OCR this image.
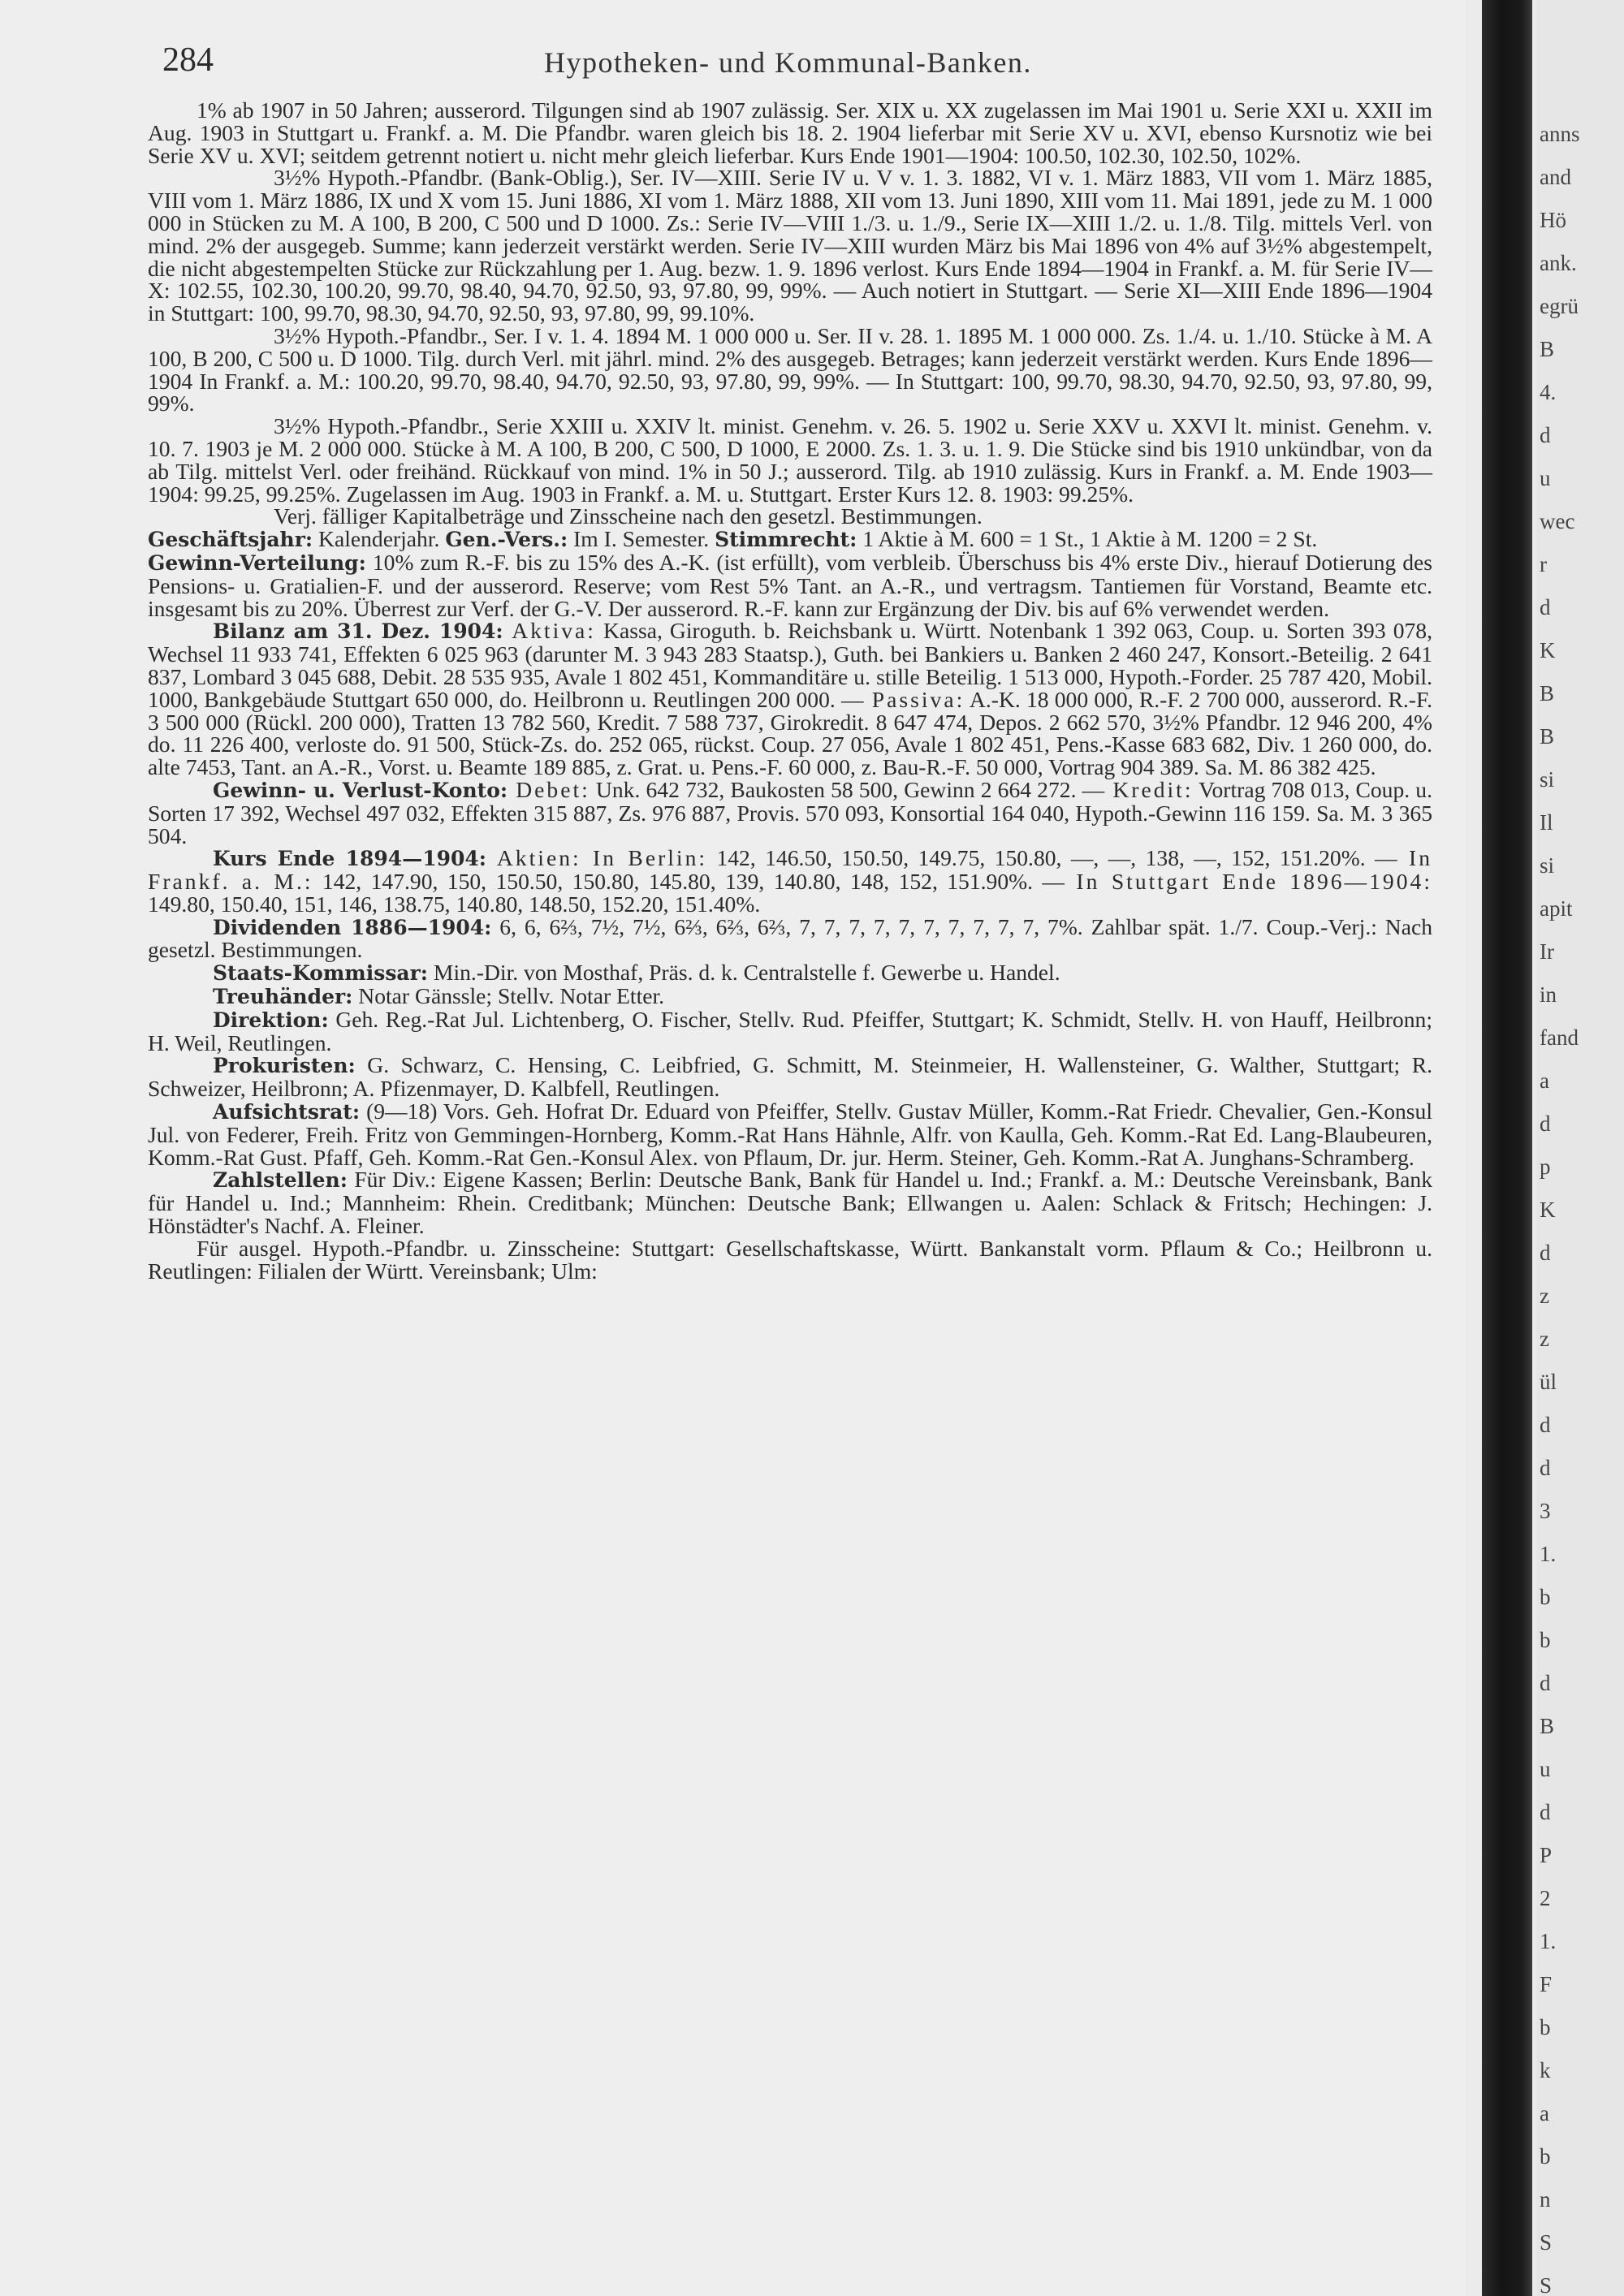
284	Hypotheken- und Kommunal-Banken.

1% ab 1907 in 50 Jahren; ausserord. Tilgungen sind ab 1907 zulässig. Ser. XIX u. XX zugelassen im Mai 1901 u. Serie XXI u. XXII im Aug. 1903 in Stuttgart u. Frankf. a. M. Die Pfandbr. waren gleich bis 18. 2. 1904 lieferbar mit Serie XV u. XVI, ebenso Kursnotiz wie bei Serie XV u. XVI; seitdem getrennt notiert u. nicht mehr gleich lieferbar. Kurs Ende 1901—1904: 100.50, 102.30, 102.50, 102%.

3½% Hypoth.-Pfandbr. (Bank-Oblig.), Ser. IV—XIII. Serie IV u. V v. 1. 3. 1882, VI v. 1. März 1883, VII vom 1. März 1885, VIII vom 1. März 1886, IX und X vom 15. Juni 1886, XI vom 1. März 1888, XII vom 13. Juni 1890, XIII vom 11. Mai 1891, jede zu M. 1 000 000 in Stücken zu M. A 100, B 200, C 500 und D 1000. Zs.: Serie IV—VIII 1./3. u. 1./9., Serie IX—XIII 1./2. u. 1./8. Tilg. mittels Verl. von mind. 2% der ausgegeb. Summe; kann jederzeit verstärkt werden. Serie IV—XIII wurden März bis Mai 1896 von 4% auf 3½% abgestempelt, die nicht abgestempelten Stücke zur Rückzahlung per 1. Aug. bezw. 1. 9. 1896 verlost. Kurs Ende 1894—1904 in Frankf. a. M. für Serie IV—X: 102.55, 102.30, 100.20, 99.70, 98.40, 94.70, 92.50, 93, 97.80, 99, 99%. — Auch notiert in Stuttgart. — Serie XI—XIII Ende 1896—1904 in Stuttgart: 100, 99.70, 98.30, 94.70, 92.50, 93, 97.80, 99, 99.10%.

3½% Hypoth.-Pfandbr., Ser. I v. 1. 4. 1894 M. 1 000 000 u. Ser. II v. 28. 1. 1895 M. 1 000 000. Zs. 1./4. u. 1./10. Stücke à M. A 100, B 200, C 500 u. D 1000. Tilg. durch Verl. mit jährl. mind. 2% des ausgegeb. Betrages; kann jederzeit verstärkt werden. Kurs Ende 1896—1904 In Frankf. a. M.: 100.20, 99.70, 98.40, 94.70, 92.50, 93, 97.80, 99, 99%. — In Stuttgart: 100, 99.70, 98.30, 94.70, 92.50, 93, 97.80, 99, 99%.

3½% Hypoth.-Pfandbr., Serie XXIII u. XXIV lt. minist. Genehm. v. 26. 5. 1902 u. Serie XXV u. XXVI lt. minist. Genehm. v. 10. 7. 1903 je M. 2 000 000. Stücke à M. A 100, B 200, C 500, D 1000, E 2000. Zs. 1. 3. u. 1. 9. Die Stücke sind bis 1910 unkündbar, von da ab Tilg. mittelst Verl. oder freihänd. Rückkauf von mind. 1% in 50 J.; ausserord. Tilg. ab 1910 zulässig. Kurs in Frankf. a. M. Ende 1903—1904: 99.25, 99.25%. Zugelassen im Aug. 1903 in Frankf. a. M. u. Stuttgart. Erster Kurs 12. 8. 1903: 99.25%.

Verj. fälliger Kapitalbeträge und Zinsscheine nach den gesetzl. Bestimmungen.

Geschäftsjahr: Kalenderjahr. Gen.-Vers.: Im I. Semester. Stimmrecht: 1 Aktie à M. 600 = 1 St., 1 Aktie à M. 1200 = 2 St.

Gewinn-Verteilung: 10% zum R.-F. bis zu 15% des A.-K. (ist erfüllt), vom verbleib. Überschuss bis 4% erste Div., hierauf Dotierung des Pensions- u. Gratialien-F. und der ausserord. Reserve; vom Rest 5% Tant. an A.-R., und vertragsm. Tantiemen für Vorstand, Beamte etc. insgesamt bis zu 20%. Überrest zur Verf. der G.-V. Der ausserord. R.-F. kann zur Ergänzung der Div. bis auf 6% verwendet werden.

Bilanz am 31. Dez. 1904: Aktiva: Kassa, Giroguth. b. Reichsbank u. Württ. Notenbank 1 392 063, Coup. u. Sorten 393 078, Wechsel 11 933 741, Effekten 6 025 963 (darunter M. 3 943 283 Staatsp.), Guth. bei Bankiers u. Banken 2 460 247, Konsort.-Beteilig. 2 641 837, Lombard 3 045 688, Debit. 28 535 935, Avale 1 802 451, Kommanditäre u. stille Beteilig. 1 513 000, Hypoth.-Forder. 25 787 420, Mobil. 1000, Bankgebäude Stuttgart 650 000, do. Heilbronn u. Reutlingen 200 000. — Passiva: A.-K. 18 000 000, R.-F. 2 700 000, ausserord. R.-F. 3 500 000 (Rückl. 200 000), Tratten 13 782 560, Kredit. 7 588 737, Girokredit. 8 647 474, Depos. 2 662 570, 3½% Pfandbr. 12 946 200, 4% do. 11 226 400, verloste do. 91 500, Stück-Zs. do. 252 065, rückst. Coup. 27 056, Avale 1 802 451, Pens.-Kasse 683 682, Div. 1 260 000, do. alte 7453, Tant. an A.-R., Vorst. u. Beamte 189 885, z. Grat. u. Pens.-F. 60 000, z. Bau-R.-F. 50 000, Vortrag 904 389. Sa. M. 86 382 425.

Gewinn- u. Verlust-Konto: Debet: Unk. 642 732, Baukosten 58 500, Gewinn 2 664 272. — Kredit: Vortrag 708 013, Coup. u. Sorten 17 392, Wechsel 497 032, Effekten 315 887, Zs. 976 887, Provis. 570 093, Konsortial 164 040, Hypoth.-Gewinn 116 159. Sa. M. 3 365 504.

Kurs Ende 1894—1904: Aktien: In Berlin: 142, 146.50, 150.50, 149.75, 150.80, —, —, 138, —, 152, 151.20%. — In Frankf. a. M.: 142, 147.90, 150, 150.50, 150.80, 145.80, 139, 140.80, 148, 152, 151.90%. — In Stuttgart Ende 1896—1904: 149.80, 150.40, 151, 146, 138.75, 140.80, 148.50, 152.20, 151.40%.

Dividenden 1886—1904: 6, 6, 6⅔, 7½, 7½, 6⅔, 6⅔, 6⅔, 7, 7, 7, 7, 7, 7, 7, 7, 7, 7, 7%. Zahlbar spät. 1./7. Coup.-Verj.: Nach gesetzl. Bestimmungen.

Staats-Kommissar: Min.-Dir. von Mosthaf, Präs. d. k. Centralstelle f. Gewerbe u. Handel.

Treuhänder: Notar Gänssle; Stellv. Notar Etter.

Direktion: Geh. Reg.-Rat Jul. Lichtenberg, O. Fischer, Stellv. Rud. Pfeiffer, Stuttgart; K. Schmidt, Stellv. H. von Hauff, Heilbronn; H. Weil, Reutlingen.

Prokuristen: G. Schwarz, C. Hensing, C. Leibfried, G. Schmitt, M. Steinmeier, H. Wallensteiner, G. Walther, Stuttgart; R. Schweizer, Heilbronn; A. Pfizenmayer, D. Kalbfell, Reutlingen.

Aufsichtsrat: (9—18) Vors. Geh. Hofrat Dr. Eduard von Pfeiffer, Stellv. Gustav Müller, Komm.-Rat Friedr. Chevalier, Gen.-Konsul Jul. von Federer, Freih. Fritz von Gemmingen-Hornberg, Komm.-Rat Hans Hähnle, Alfr. von Kaulla, Geh. Komm.-Rat Ed. Lang-Blaubeuren, Komm.-Rat Gust. Pfaff, Geh. Komm.-Rat Gen.-Konsul Alex. von Pflaum, Dr. jur. Herm. Steiner, Geh. Komm.-Rat A. Junghans-Schramberg.

Zahlstellen: Für Div.: Eigene Kassen; Berlin: Deutsche Bank, Bank für Handel u. Ind.; Frankf. a. M.: Deutsche Vereinsbank, Bank für Handel u. Ind.; Mannheim: Rhein. Creditbank; München: Deutsche Bank; Ellwangen u. Aalen: Schlack & Fritsch; Hechingen: J. Hönstädter's Nachf. A. Fleiner.

Für ausgel. Hypoth.-Pfandbr. u. Zinsscheine: Stuttgart: Gesellschaftskasse, Württ. Bankanstalt vorm. Pflaum & Co.; Heilbronn u. Reutlingen: Filialen der Württ. Vereinsbank; Ulm:

anns
and
Hö
ank.
egrü
B
4.
d
u
wec
r
d
K
B
B
si
Il
si
apit
Ir
in
fand
a
d
p
K
d
z
z
ül
d
d
3
1.
b
b
d
B
u
d
P
2
1.
F
b
k
a
b
n
S
S
